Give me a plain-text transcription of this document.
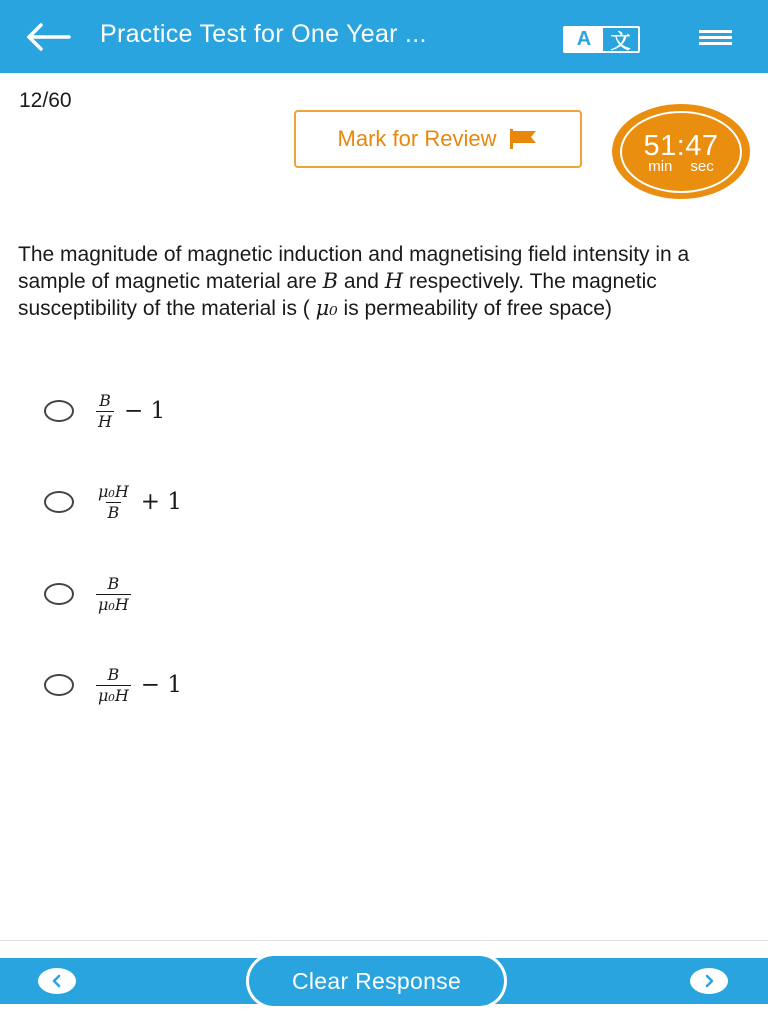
Practice Test for One Year ...	A 文
12/60
Mark for Review	51:47
min sec
The magnitude of magnetic induction and magnetising field intensity in a sample of magnetic material are B and H respectively. The magnetic susceptibility of the material is ( μ₀ is permeability of free space)
$\frac{B}{H} - 1$
$\frac{\text{μ₀H}}{B} + 1$
$\frac{B}{\text{μ₀H}}$
$\frac{B}{\text{μ₀H}} - 1$
Clear Response
